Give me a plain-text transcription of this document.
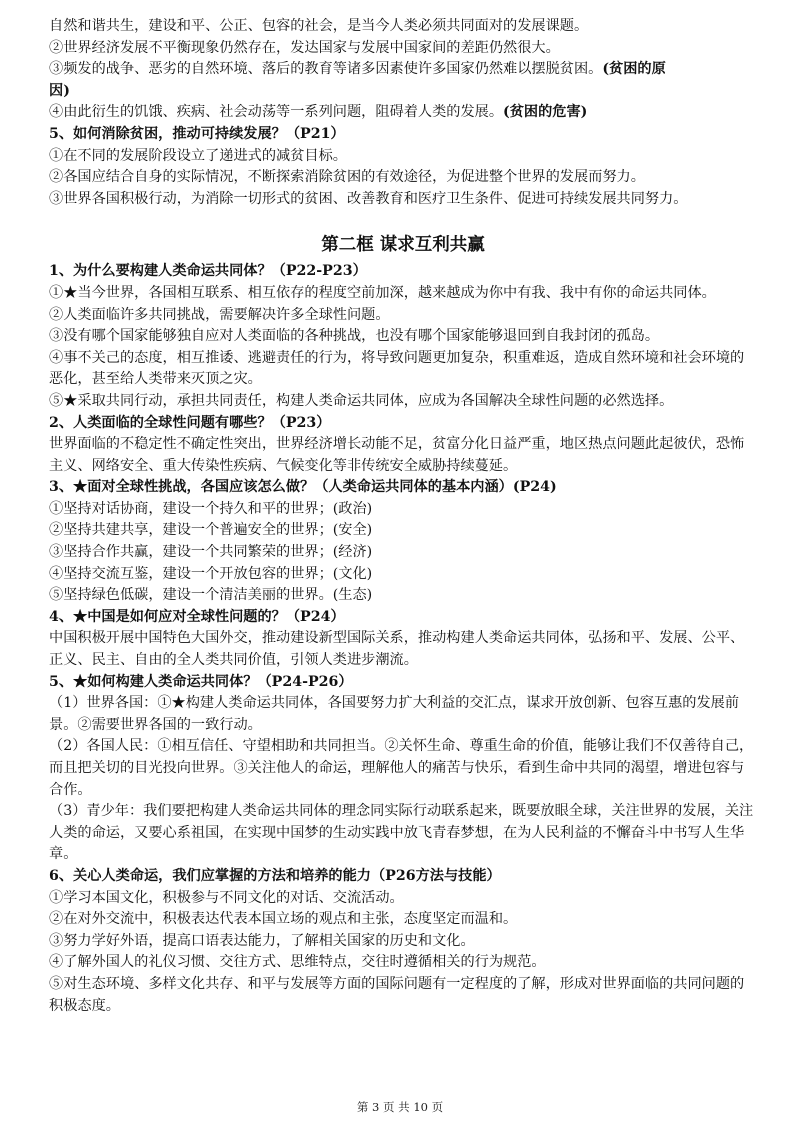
自然和谐共生，建设和平、公正、包容的社会，是当今人类必须共同面对的发展课题。
②世界经济发展不平衡现象仍然存在，发达国家与发展中国家间的差距仍然很大。
③频发的战争、恶劣的自然环境、落后的教育等诸多因素使许多国家仍然难以摆脱贫困。(贫困的原
因)
④由此衍生的饥饿、疾病、社会动荡等一系列问题，阻碍着人类的发展。(贫困的危害)
5、如何消除贫困，推动可持续发展？（P21）
①在不同的发展阶段设立了递进式的减贫目标。
②各国应结合自身的实际情况，不断探索消除贫困的有效途径，为促进整个世界的发展而努力。
③世界各国积极行动，为消除一切形式的贫困、改善教育和医疗卫生条件、促进可持续发展共同努力。
第二框 谋求互利共赢
1、为什么要构建人类命运共同体？（P22-P23）
①★当今世界，各国相互联系、相互依存的程度空前加深，越来越成为你中有我、我中有你的命运共同体。
②人类面临许多共同挑战，需要解决许多全球性问题。
③没有哪个国家能够独自应对人类面临的各种挑战，也没有哪个国家能够退回到自我封闭的孤岛。
④事不关己的态度，相互推诿、逃避责任的行为，将导致问题更加复杂，积重难返，造成自然环境和社会环境的恶化，甚至给人类带来灭顶之灾。
⑤★采取共同行动，承担共同责任，构建人类命运共同体，应成为各国解决全球性问题的必然选择。
2、人类面临的全球性问题有哪些？（P23）
世界面临的不稳定性不确定性突出，世界经济增长动能不足，贫富分化日益严重，地区热点问题此起彼伏，恐怖主义、网络安全、重大传染性疾病、气候变化等非传统安全威胁持续蔓延。
3、★面对全球性挑战，各国应该怎么做？（人类命运共同体的基本内涵）(P24)
①坚持对话协商，建设一个持久和平的世界；(政治)
②坚持共建共享，建设一个普遍安全的世界；(安全)
③坚持合作共赢，建设一个共同繁荣的世界；(经济)
④坚持交流互鉴，建设一个开放包容的世界；(文化)
⑤坚持绿色低碳，建设一个清洁美丽的世界。(生态)
4、★中国是如何应对全球性问题的？（P24）
中国积极开展中国特色大国外交，推动建设新型国际关系，推动构建人类命运共同体，弘扬和平、发展、公平、正义、民主、自由的全人类共同价值，引领人类进步潮流。
5、★如何构建人类命运共同体？（P24-P26）
（1）世界各国：①★构建人类命运共同体，各国要努力扩大利益的交汇点，谋求开放创新、包容互惠的发展前景。②需要世界各国的一致行动。
（2）各国人民：①相互信任、守望相助和共同担当。②关怀生命、尊重生命的价值，能够让我们不仅善待自己，而且把关切的目光投向世界。③关注他人的命运，理解他人的痛苦与快乐，看到生命中共同的渴望，增进包容与合作。
（3）青少年：我们要把构建人类命运共同体的理念同实际行动联系起来，既要放眼全球，关注世界的发展，关注人类的命运，又要心系祖国，在实现中国梦的生动实践中放飞青春梦想，在为人民利益的不懈奋斗中书写人生华章。
6、关心人类命运，我们应掌握的方法和培养的能力（P26方法与技能）
①学习本国文化，积极参与不同文化的对话、交流活动。
②在对外交流中，积极表达代表本国立场的观点和主张，态度坚定而温和。
③努力学好外语，提高口语表达能力，了解相关国家的历史和文化。
④了解外国人的礼仪习惯、交往方式、思维特点，交往时遵循相关的行为规范。
⑤对生态环境、多样文化共存、和平与发展等方面的国际问题有一定程度的了解，形成对世界面临的共同问题的积极态度。
第 3 页 共 10 页
